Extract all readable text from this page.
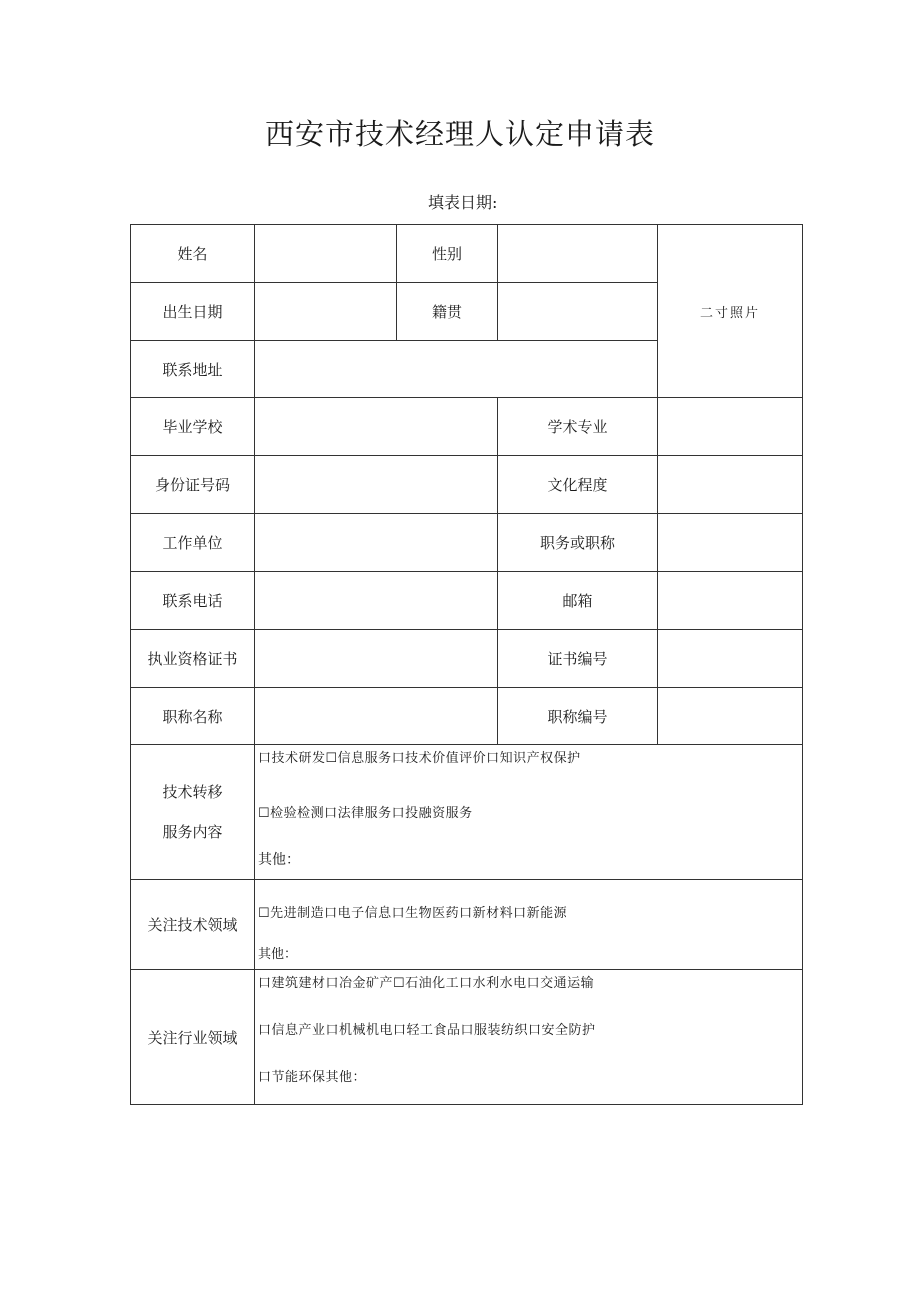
西安市技术经理人认定申请表
填表日期:
姓名		性别		二寸照片
出生日期		籍贯		
联系地址				
毕业学校			学术专业	
身份证号码			文化程度	
工作单位			职务或职称	
联系电话			邮箱	
执业资格证书			证书编号	
职称名称			职称编号	

技术转移
服务内容	口技术研发☐信息服务口技术价值评价口知识产权保护
☐检验检测口法律服务口投融资服务
其他：			

关注技术领域	☐先进制造口电子信息口生物医药口新材料口新能源
其他：			

关注行业领域	口建筑建材口冶金矿产☐石油化工口水利水电口交通运输
口信息产业口机械机电口轻工食品口服装纺织口安全防护
口节能环保其他：			
